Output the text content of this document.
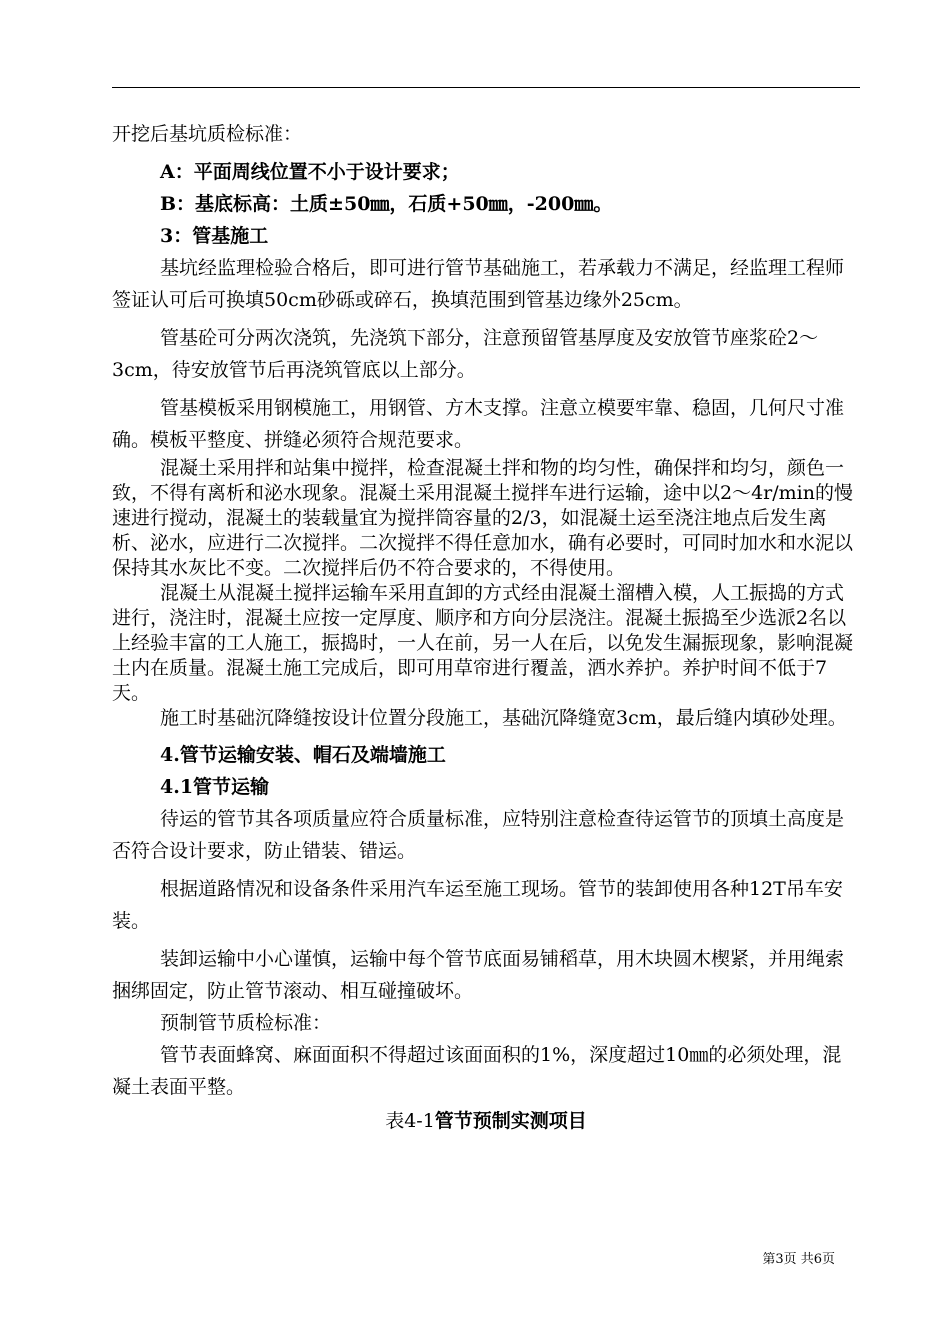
开挖后基坑质检标准：

A：平面周线位置不小于设计要求；

B：基底标高：土质±50㎜，石质+50㎜，-200㎜。

3：管基施工

基坑经监理检验合格后，即可进行管节基础施工，若承载力不满足，经监理工程师签证认可后可换填50cm砂砾或碎石，换填范围到管基边缘外25cm。

管基砼可分两次浇筑，先浇筑下部分，注意预留管基厚度及安放管节座浆砼2～3cm，待安放管节后再浇筑管底以上部分。

管基模板采用钢模施工，用钢管、方木支撑。注意立模要牢靠、稳固，几何尺寸准确。模板平整度、拼缝必须符合规范要求。

混凝土采用拌和站集中搅拌，检查混凝土拌和物的均匀性，确保拌和均匀，颜色一致，不得有离析和泌水现象。混凝土采用混凝土搅拌车进行运输，途中以2～4r/min的慢速进行搅动，混凝土的装载量宜为搅拌筒容量的2/3，如混凝土运至浇注地点后发生离析、泌水，应进行二次搅拌。二次搅拌不得任意加水，确有必要时，可同时加水和水泥以保持其水灰比不变。二次搅拌后仍不符合要求的，不得使用。

混凝土从混凝土搅拌运输车采用直卸的方式经由混凝土溜槽入模，人工振捣的方式进行，浇注时，混凝土应按一定厚度、顺序和方向分层浇注。混凝土振捣至少选派2名以上经验丰富的工人施工，振捣时，一人在前，另一人在后，以免发生漏振现象，影响混凝土内在质量。混凝土施工完成后，即可用草帘进行覆盖，洒水养护。养护时间不低于7天。

施工时基础沉降缝按设计位置分段施工，基础沉降缝宽3cm，最后缝内填砂处理。

4.管节运输安装、帽石及端墙施工

4.1管节运输

待运的管节其各项质量应符合质量标准，应特别注意检查待运管节的顶填土高度是否符合设计要求，防止错装、错运。

根据道路情况和设备条件采用汽车运至施工现场。管节的装卸使用各种12T吊车安装。

装卸运输中小心谨慎，运输中每个管节底面易铺稻草，用木块圆木楔紧，并用绳索捆绑固定，防止管节滚动、相互碰撞破坏。

预制管节质检标准：

管节表面蜂窝、麻面面积不得超过该面面积的1%，深度超过10㎜的必须处理，混凝土表面平整。

表4-1管节预制实测项目

第3页 共6页
